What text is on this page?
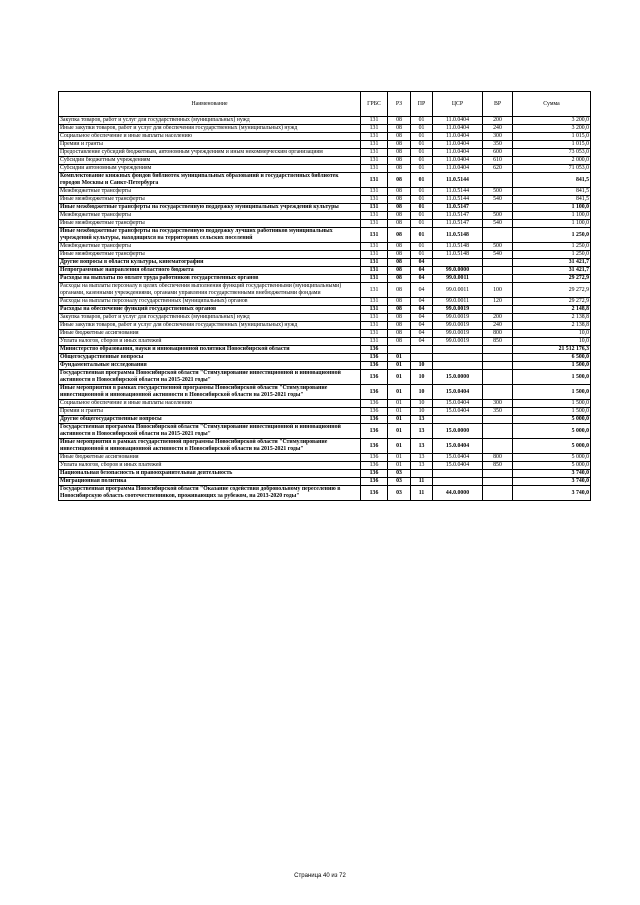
Наименование	ГРБС	РЗ	ПР	ЦСР	ВР	Сумма
Закупка товаров, работ и услуг для государственных (муниципальных) нужд	131	08	01	11.0.0404	200	3 200,0
Иные закупки товаров, работ и услуг для обеспечения государственных (муниципальных) нужд	131	08	01	11.0.0404	240	3 200,0
Социальное обеспечение и иные выплаты населению	131	08	01	11.0.0404	300	1 015,0
Премии и гранты	131	08	01	11.0.0404	350	1 015,0
Предоставление субсидий бюджетным, автономным учреждениям и иным некоммерческим организациям	131	08	01	11.0.0404	600	73 053,0
Субсидии бюджетным учреждениям	131	08	01	11.0.0404	610	2 000,0
Субсидии автономным учреждениям	131	08	01	11.0.0404	620	71 053,0
Комплектование книжных фондов библиотек муниципальных образований и государственных библиотек городов Москвы и Санкт-Петербурга	131	08	01	11.0.5144		841,5
Межбюджетные трансферты	131	08	01	11.0.5144	500	841,5
Иные межбюджетные трансферты	131	08	01	11.0.5144	540	841,5
Иные межбюджетные трансферты на государственную поддержку муниципальных учреждений культуры	131	08	01	11.0.5147		1 100,0
Межбюджетные трансферты	131	08	01	11.0.5147	500	1 100,0
Иные межбюджетные трансферты	131	08	01	11.0.5147	540	1 100,0
Иные межбюджетные трансферты на государственную поддержку лучших работников муниципальных учреждений культуры, находящихся на территориях сельских поселений	131	08	01	11.0.5148		1 250,0
Межбюджетные трансферты	131	08	01	11.0.5148	500	1 250,0
Иные межбюджетные трансферты	131	08	01	11.0.5148	540	1 250,0
Другие вопросы в области культуры, кинематографии	131	08	04			31 421,7
Непрограммные направления областного бюджета	131	08	04	99.0.0000		31 421,7
Расходы на выплаты по оплате труда работников государственных органов	131	08	04	99.0.0011		29 272,9
Расходы на выплаты персоналу в целях обеспечения выполнения функций государственными (муниципальными) органами, казенными учреждениями, органами управления государственными внебюджетными фондами	131	08	04	99.0.0011	100	29 272,9
Расходы на выплаты персоналу государственных (муниципальных) органов	131	08	04	99.0.0011	120	29 272,9
Расходы на обеспечение функций государственных органов	131	08	04	99.0.0019		2 148,8
Закупка товаров, работ и услуг для государственных (муниципальных) нужд	131	08	04	99.0.0019	200	2 138,8
Иные закупки товаров, работ и услуг для обеспечения государственных (муниципальных) нужд	131	08	04	99.0.0019	240	2 138,8
Иные бюджетные ассигнования	131	08	04	99.0.0019	800	10,0
Уплата налогов, сборов и иных платежей	131	08	04	99.0.0019	850	10,0
Министерство образования, науки и инновационной политики Новосибирской области	136					21 512 176,3
Общегосударственные вопросы	136	01				6 500,0
Фундаментальные исследования	136	01	10			1 500,0
Государственная программа Новосибирской области "Стимулирование инвестиционной и инновационной активности в Новосибирской области на 2015-2021 годы"	136	01	10	15.0.0000		1 500,0
Иные мероприятия в рамках государственной программы Новосибирской области "Стимулирование инвестиционной и инновационной активности в Новосибирской области на 2015-2021 годы"	136	01	10	15.0.0404		1 500,0
Социальное обеспечение и иные выплаты населению	136	01	10	15.0.0404	300	1 500,0
Премии и гранты	136	01	10	15.0.0404	350	1 500,0
Другие общегосударственные вопросы	136	01	13			5 000,0
Государственная программа Новосибирской области "Стимулирование инвестиционной и инновационной активности в Новосибирской области на 2015-2021 годы"	136	01	13	15.0.0000		5 000,0
Иные мероприятия в рамках государственной программы Новосибирской области "Стимулирование инвестиционной и инновационной активности в Новосибирской области на 2015-2021 годы"	136	01	13	15.0.0404		5 000,0
Иные бюджетные ассигнования	136	01	13	15.0.0404	800	5 000,0
Уплата налогов, сборов и иных платежей	136	01	13	15.0.0404	850	5 000,0
Национальная безопасность и правоохранительная деятельность	136	03				3 740,0
Миграционная политика	136	03	11			3 740,0
Государственная программа Новосибирской области "Оказание содействия добровольному переселению в Новосибирскую область соотечественников, проживающих за рубежом, на 2013-2020 годы"	136	03	11	44.0.0000		3 740,0
Страница 40 из 72
